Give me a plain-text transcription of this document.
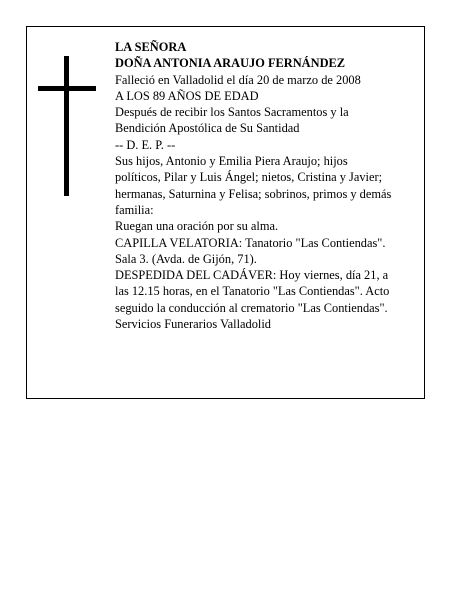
LA SEÑORA
DOÑA ANTONIA ARAUJO FERNÁNDEZ
Falleció en Valladolid el día 20 de marzo de 2008
A LOS 89 AÑOS DE EDAD
Después de recibir los Santos Sacramentos y la
Bendición Apostólica de Su Santidad
-- D. E. P. --
Sus hijos, Antonio y Emilia Piera Araujo; hijos
políticos, Pilar y Luis Ángel; nietos, Cristina y Javier;
hermanas, Saturnina y Felisa; sobrinos, primos y demás
familia:
Ruegan una oración por su alma.
CAPILLA VELATORIA: Tanatorio "Las Contiendas".
Sala 3. (Avda. de Gijón, 71).
DESPEDIDA DEL CADÁVER: Hoy viernes, día 21, a
las 12.15 horas, en el Tanatorio "Las Contiendas". Acto
seguido la conducción al crematorio "Las Contiendas".
Servicios Funerarios Valladolid
